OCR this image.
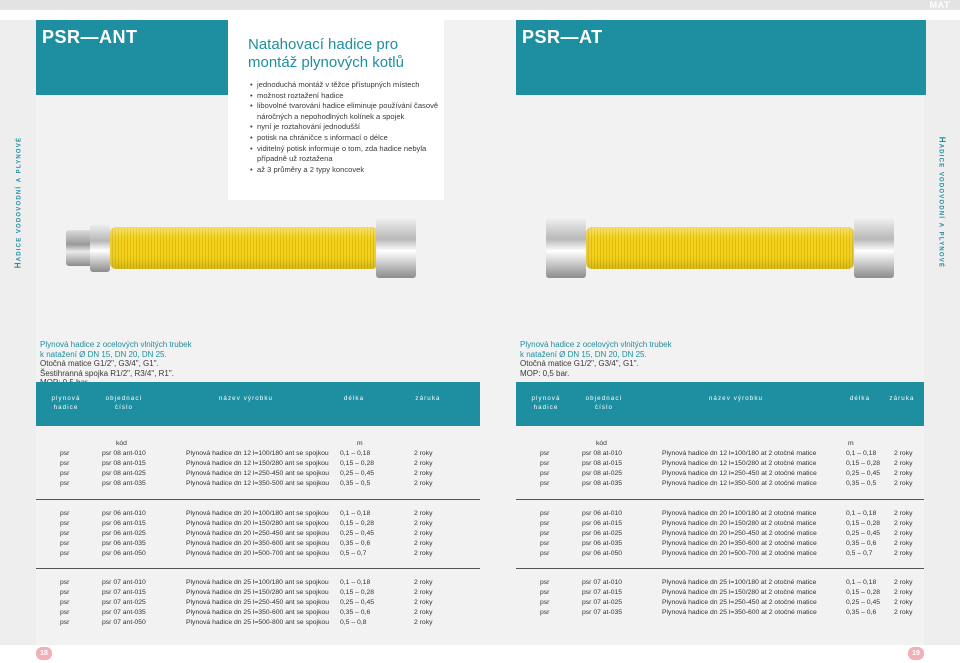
MAT
Hadice vodovodní a plynové	Hadice vodovodní a plynové
PSR—ANT	Natahovací hadice pro montáž plynových kotlů
• jednoduchá montáž v těžce přístupných místech
• možnost roztažení hadice
• libovolné tvarování hadice eliminuje používání časově náročných a nepohodlných kolínek a spojek
• nyní je roztahování jednodušší
• potisk na chráničce s informací o délce
• viditelný potisk informuje o tom, zda hadice nebyla případně už roztažena
• až 3 průměry a 2 typy koncovek
Plynová hadice z ocelových vlnitých trubek
k natažení Ø DN 15, DN 20, DN 25.
Otočná matice G1/2", G3/4", G1".
Šestihranná spojka R1/2", R3/4", R1".
PSR—AT
Plynová hadice z ocelových vlnitých trubek
k natažení Ø DN 15, DN 20, DN 25.
Otočná matice G1/2", G3/4", G1".
MOP: 0,5 bar.
plynová hadice
objednací číslo
název výrobku	délka	záruka	plynová hadice
objednací číslo
název výrobku	délka	záruka
kód	m	kód	m
psr	psr 08 ant-010	Plynová hadice dn 12 l=100/180 ant se spojkou 0,1 – 0,18	2 roky
psr	psr 08 ant-015	Plynová hadice dn 12 l=150/280 ant se spojkou 0,15 – 0,28	2 roky
psr	psr 08 ant-025	Plynová hadice dn 12 l=250-450 ant se spojkou 0,25 – 0,45	2 roky
psr	psr 08 ant-035	Plynová hadice dn 12 l=350-500 ant se spojkou 0,35 – 0,5	2 roky
psr	psr 06 ant-010	Plynová hadice dn 20 l=100/180 ant se spojkou 0,1 – 0,18	2 roky
psr	psr 06 ant-015	Plynová hadice dn 20 l=150/280 ant se spojkou 0,15 – 0,28	2 roky
psr	psr 06 ant-025	Plynová hadice dn 20 l=250-450 ant se spojkou 0,25 – 0,45	2 roky
psr	psr 06 ant-035	Plynová hadice dn 20 l=350-600 ant se spojkou 0,35 – 0,6	2 roky
psr	psr 06 ant-050	Plynová hadice dn 20 l=500-700 ant se spojkou 0,5 – 0,7	2 roky
psr	psr 07 ant-010	Plynová hadice dn 25 l=100/180 ant se spojkou 0,1 – 0,18	2 roky
psr	psr 07 ant-015	Plynová hadice dn 25 l=150/280 ant se spojkou 0,15 – 0,28	2 roky
psr	psr 07 ant-025	Plynová hadice dn 25 l=250-450 ant se spojkou 0,25 – 0,45	2 roky
psr	psr 07 ant-035	Plynová hadice dn 25 l=350-600 ant se spojkou 0,35 – 0,6	2 roky
psr	psr 07 ant-050	Plynová hadice dn 25 l=500-800 ant se spojkou 0,5 – 0,8	2 roky
psr	psr 08 at-010	Plynová hadice dn 12 l=100/180 at 2 otočné matice	0,1 – 0,18	2 roky
psr	psr 08 at-015	Plynová hadice dn 12 l=150/280 at 2 otočné matice	0,15 – 0,28 2 roky
psr	psr 08 at-025	Plynová hadice dn 12 l=250-450 at 2 otočné matice	0,25 – 0,45 2 roky
psr	psr 08 at-035	Plynová hadice dn 12 l=350-500 at 2 otočné matice	0,35 – 0,5	2 roky
psr	psr 06 at-010	Plynová hadice dn 20 l=100/180 at 2 otočné matice	0,1 – 0,18	2 roky
psr	psr 06 at-015	Plynová hadice dn 20 l=150/280 at 2 otočné matice	0,15 – 0,28 2 roky
psr	psr 06 at-025	Plynová hadice dn 20 l=250-450 at 2 otočné matice	0,25 – 0,45 2 roky
psr	psr 06 at-035	Plynová hadice dn 20 l=350-600 at 2 otočné matice	0,35 – 0,6	2 roky
psr	psr 06 at-050	Plynová hadice dn 20 l=500-700 at 2 otočné matice	0,5 – 0,7	2 roky
psr	psr 07 at-010	Plynová hadice dn 25 l=100/180 at 2 otočné matice	0,1 – 0,18	2 roky
psr	psr 07 at-015	Plynová hadice dn 25 l=150/280 at 2 otočné matice	0,15 – 0,28 2 roky
psr	psr 07 at-025	Plynová hadice dn 25 l=250-450 at 2 otočné matice	0,25 – 0,45 2 roky
psr	psr 07 at-035	Plynová hadice dn 25 l=350-600 at 2 otočné matice	0,35 – 0,6	2 roky
18	19
